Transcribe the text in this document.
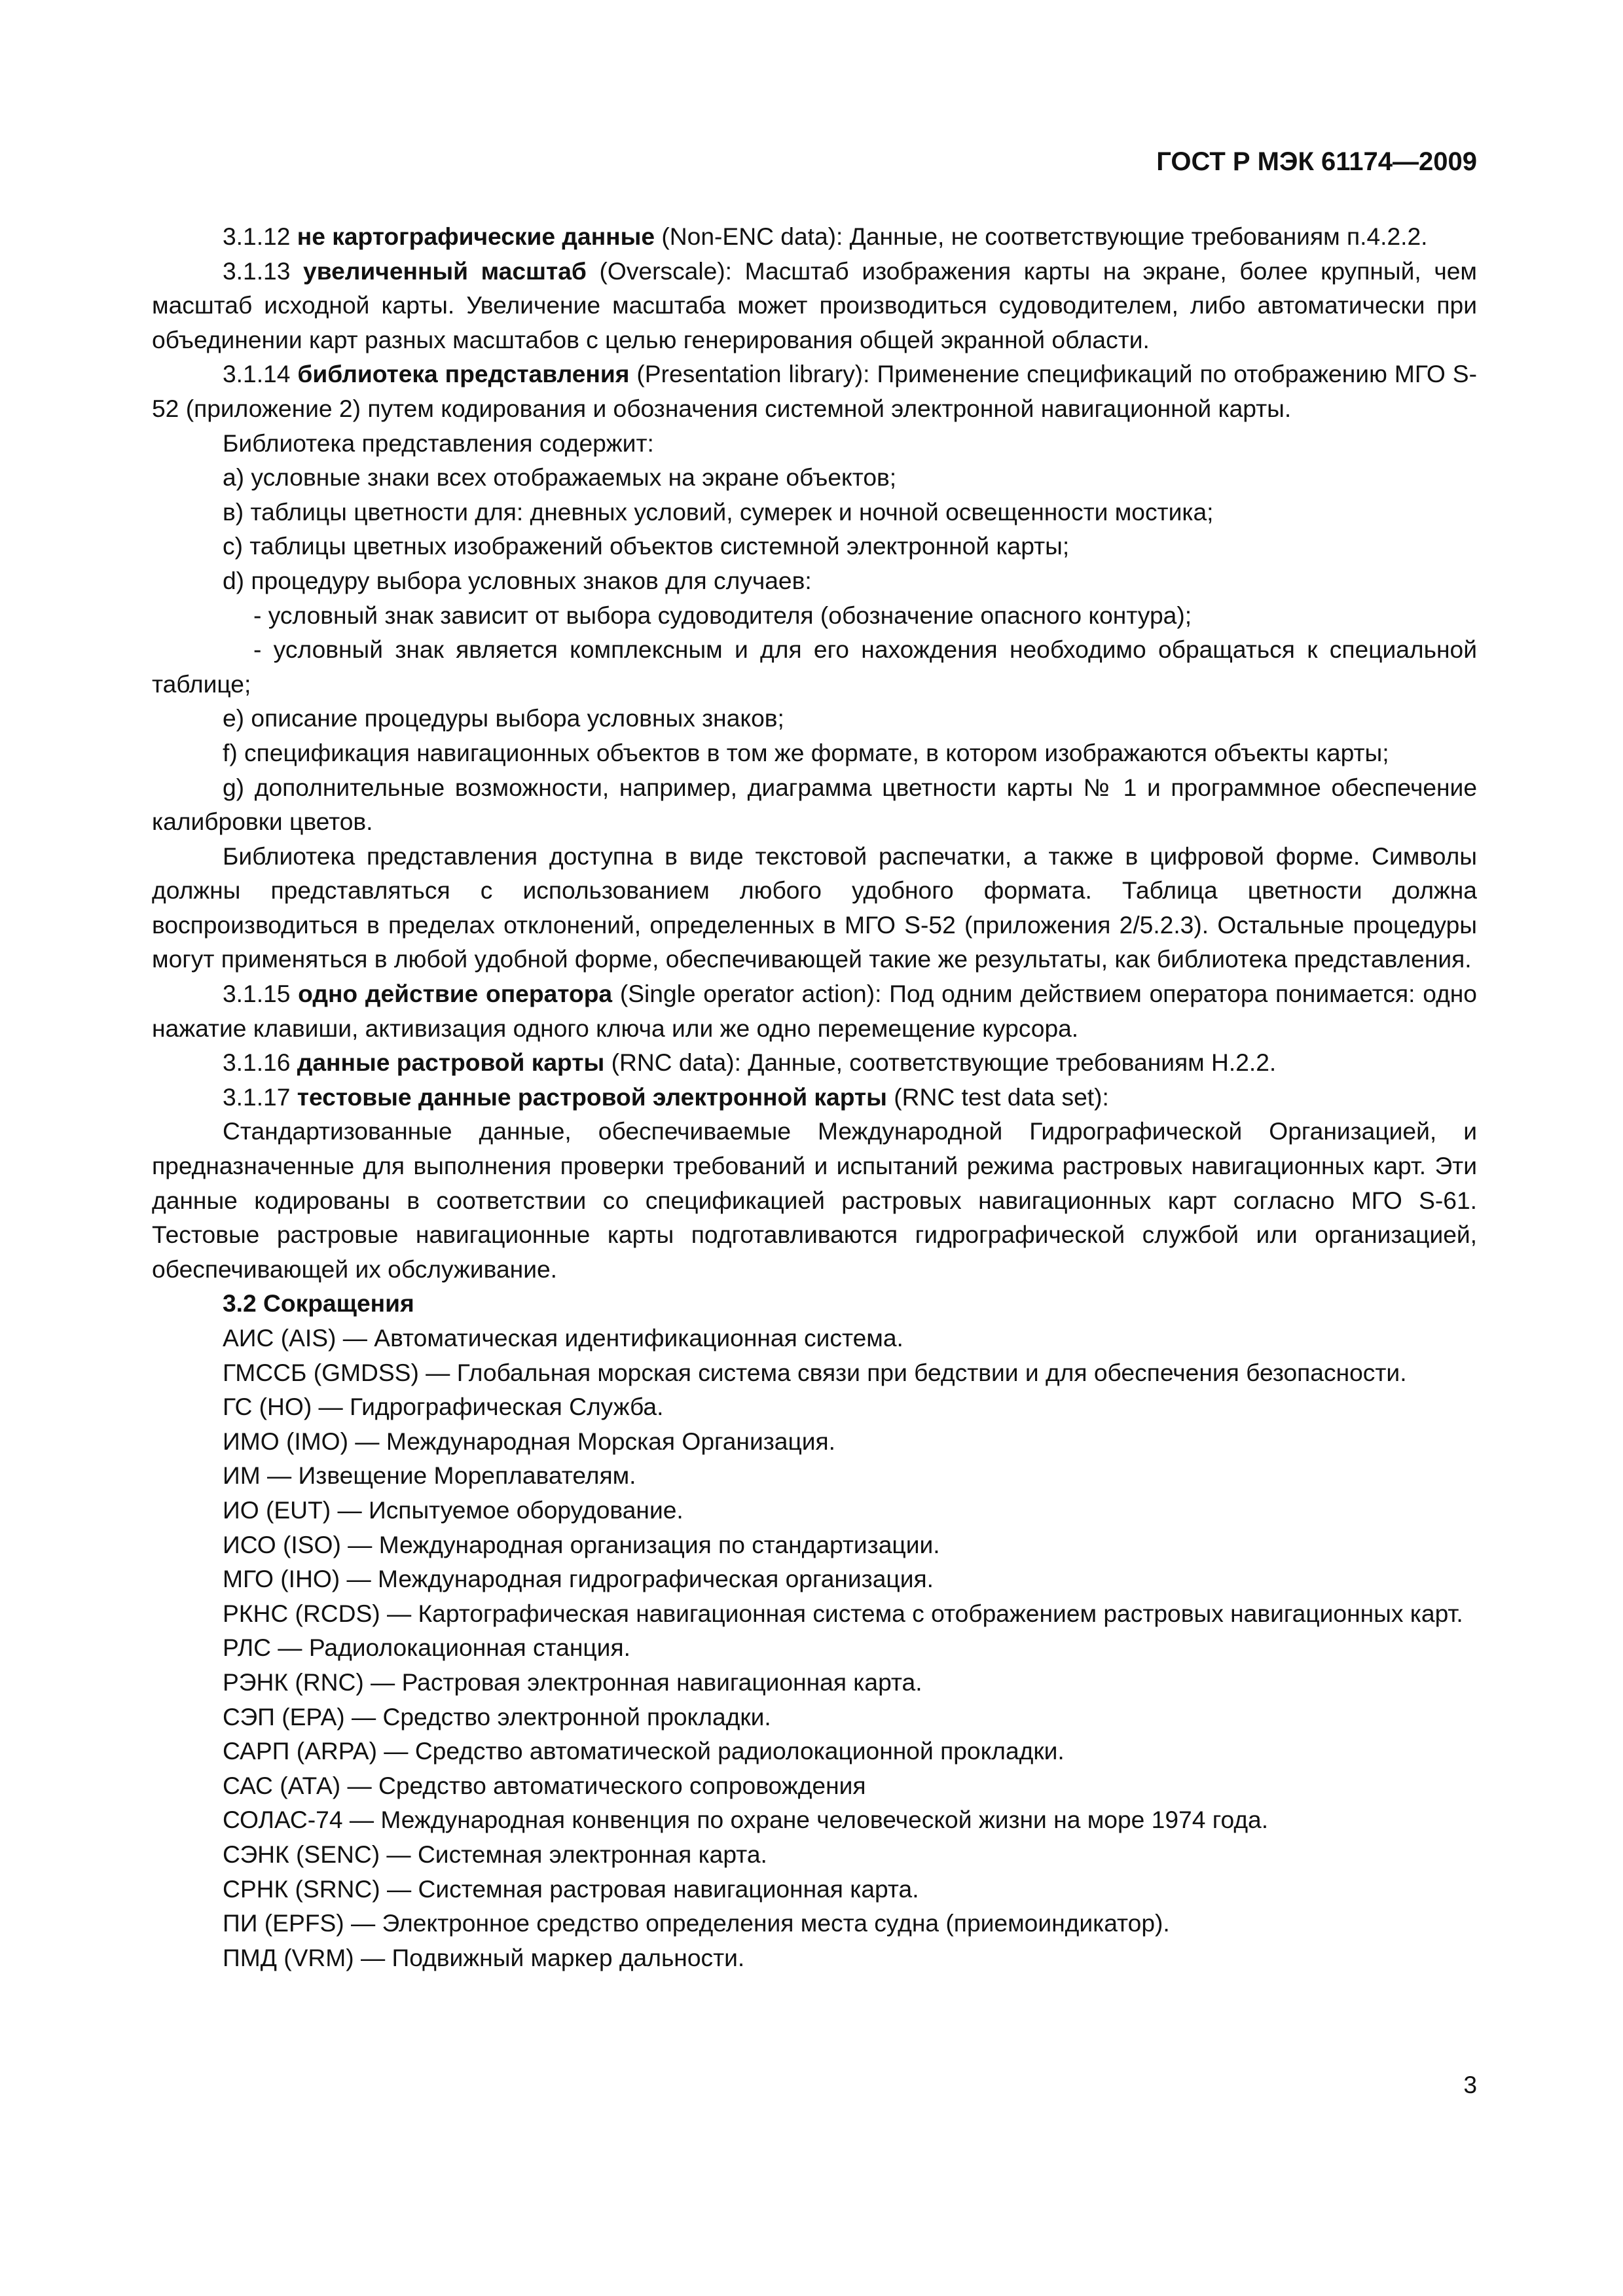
ГОСТ Р МЭК 61174—2009

3.1.12 не картографические данные (Non-ENC data): Данные, не соответствующие требованиям п.4.2.2.

3.1.13 увеличенный масштаб (Overscale): Масштаб изображения карты на экране, более крупный, чем масштаб исходной карты. Увеличение масштаба может производиться судоводителем, либо автоматически при объединении карт разных масштабов с целью генерирования общей экранной области.

3.1.14 библиотека представления (Presentation library): Применение спецификаций по отображению МГО S-52 (приложение 2) путем кодирования и обозначения системной электронной навигационной карты.

Библиотека представления содержит:

а) условные знаки всех отображаемых на экране объектов;

в) таблицы цветности для: дневных условий, сумерек и ночной освещенности мостика;

с) таблицы цветных изображений объектов системной электронной карты;

d) процедуру выбора условных знаков для случаев:

- условный знак зависит от выбора судоводителя (обозначение опасного контура);

- условный знак является комплексным и для его нахождения необходимо обращаться к специальной таблице;

е) описание процедуры выбора условных знаков;

f) спецификация навигационных объектов в том же формате, в котором изображаются объекты карты;

g) дополнительные возможности, например, диаграмма цветности карты № 1 и программное обеспечение калибровки цветов.

Библиотека представления доступна в виде текстовой распечатки, а также в цифровой форме. Символы должны представляться с использованием любого удобного формата. Таблица цветности должна воспроизводиться в пределах отклонений, определенных в МГО S-52 (приложения 2/5.2.3). Остальные процедуры могут применяться в любой удобной форме, обеспечивающей такие же результаты, как библиотека представления.

3.1.15 одно действие оператора (Single operator action): Под одним действием оператора понимается: одно нажатие клавиши, активизация одного ключа или же одно перемещение курсора.

3.1.16 данные растровой карты (RNC data): Данные, соответствующие требованиям Н.2.2.

3.1.17 тестовые данные растровой электронной карты (RNC test data set):

Стандартизованные данные, обеспечиваемые Международной Гидрографической Организацией, и предназначенные для выполнения проверки требований и испытаний режима растровых навигационных карт. Эти данные кодированы в соответствии со спецификацией растровых навигационных карт согласно МГО S-61. Тестовые растровые навигационные карты подготавливаются гидрографической службой или организацией, обеспечивающей их обслуживание.

3.2 Сокращения

АИС (AIS) — Автоматическая идентификационная система.

ГМССБ (GMDSS) — Глобальная морская система связи при бедствии и для обеспечения безопасности.

ГС (НО) — Гидрографическая Служба.

ИМО (IMO) — Международная Морская Организация.

ИМ — Извещение Мореплавателям.

ИО (EUT) — Испытуемое оборудование.

ИСО (ISO) — Международная организация по стандартизации.

МГО (IHO) — Международная гидрографическая организация.

РКНС (RCDS) — Картографическая навигационная система с отображением растровых навигационных карт.

РЛС — Радиолокационная станция.

РЭНК (RNC) — Растровая электронная навигационная карта.

СЭП (EPA) — Средство электронной прокладки.

САРП (ARPA) — Средство автоматической радиолокационной прокладки.

САС (АТА) — Средство автоматического сопровождения

СОЛАС-74 — Международная конвенция по охране человеческой жизни на море 1974 года.

СЭНК (SENC) — Системная электронная карта.

СРНК (SRNC) — Системная растровая навигационная карта.

ПИ (EPFS) — Электронное средство определения места судна (приемоиндикатор).

ПМД (VRM) — Подвижный маркер дальности.

3
